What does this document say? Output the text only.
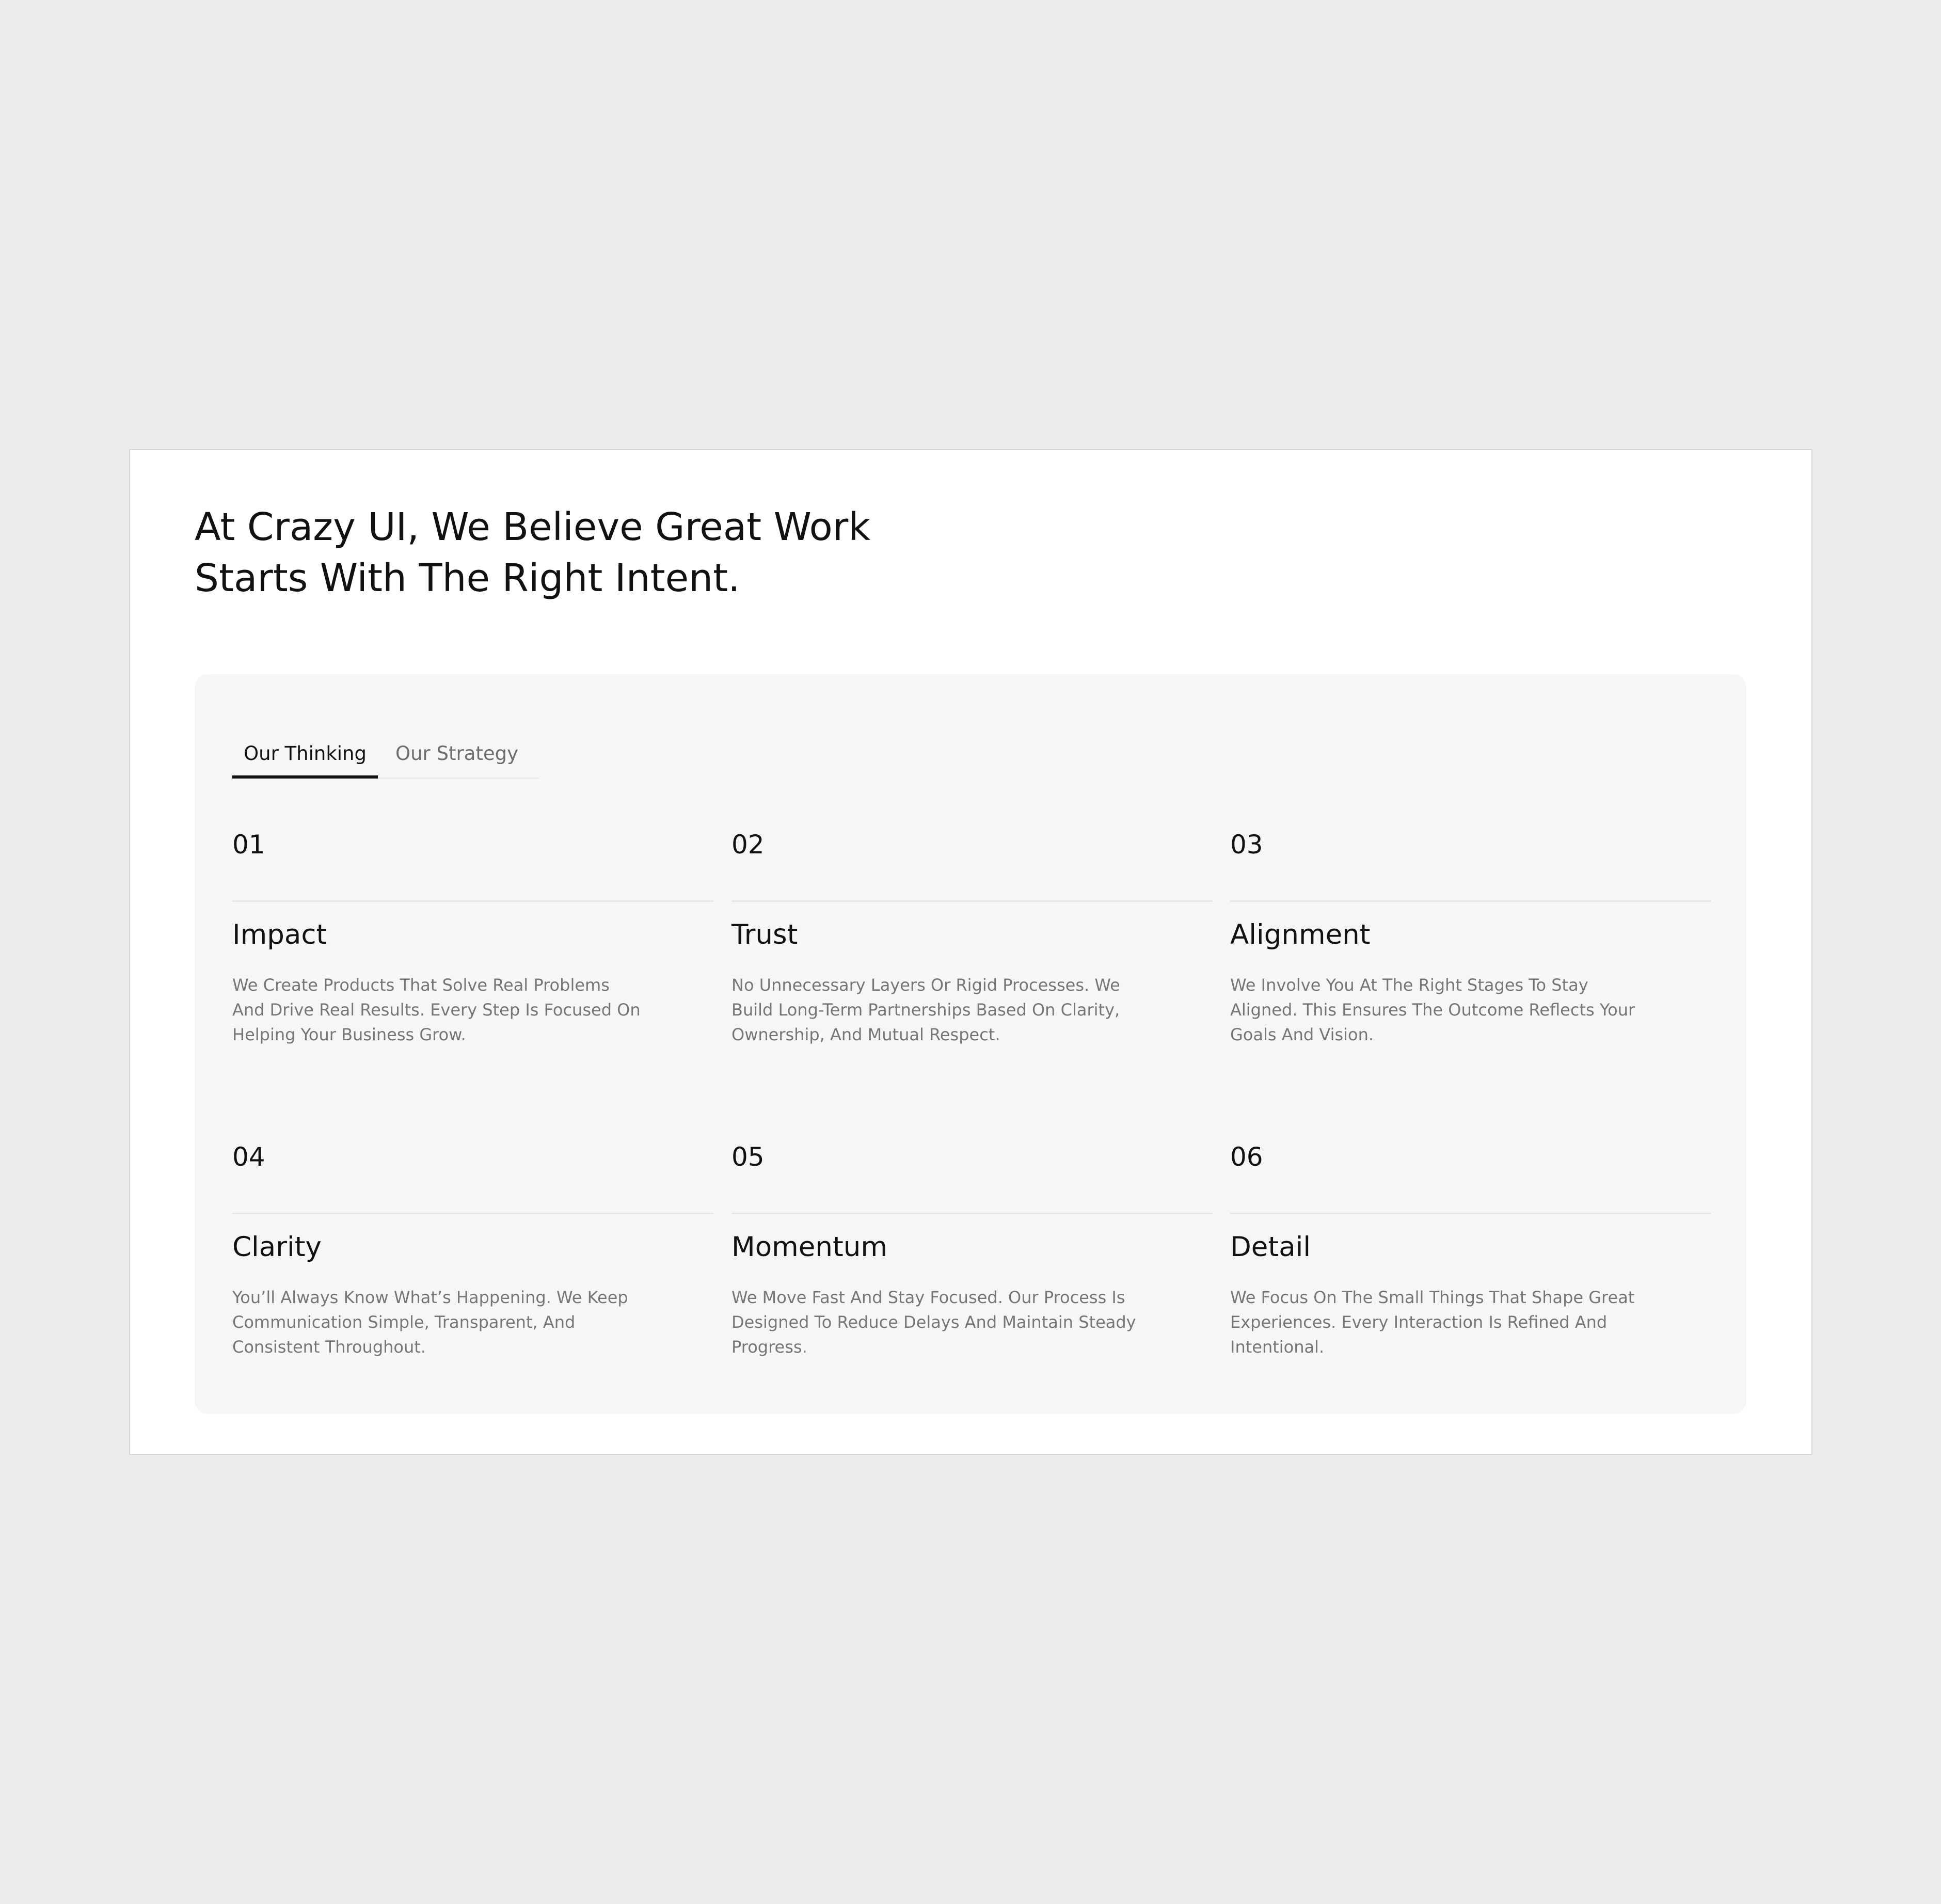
At Crazy UI, We Believe Great Work
Starts With The Right Intent.
Our Thinking	Our Strategy
01
Impact

We Create Products That Solve Real Problems And Drive Real Results. Every Step Is Focused On Helping Your Business Grow.

02
Trust

No Unnecessary Layers Or Rigid Processes. We Build Long-Term Partnerships Based On Clarity, Ownership, And Mutual Respect.

03
Alignment

We Involve You At The Right Stages To Stay Aligned. This Ensures The Outcome Reflects Your Goals And Vision.

04
Clarity

You’ll Always Know What’s Happening. We Keep Communication Simple, Transparent, And Consistent Throughout.

05
Momentum

We Move Fast And Stay Focused. Our Process Is Designed To Reduce Delays And Maintain Steady Progress.

06
Detail

We Focus On The Small Things That Shape Great Experiences. Every Interaction Is Refined And Intentional.
